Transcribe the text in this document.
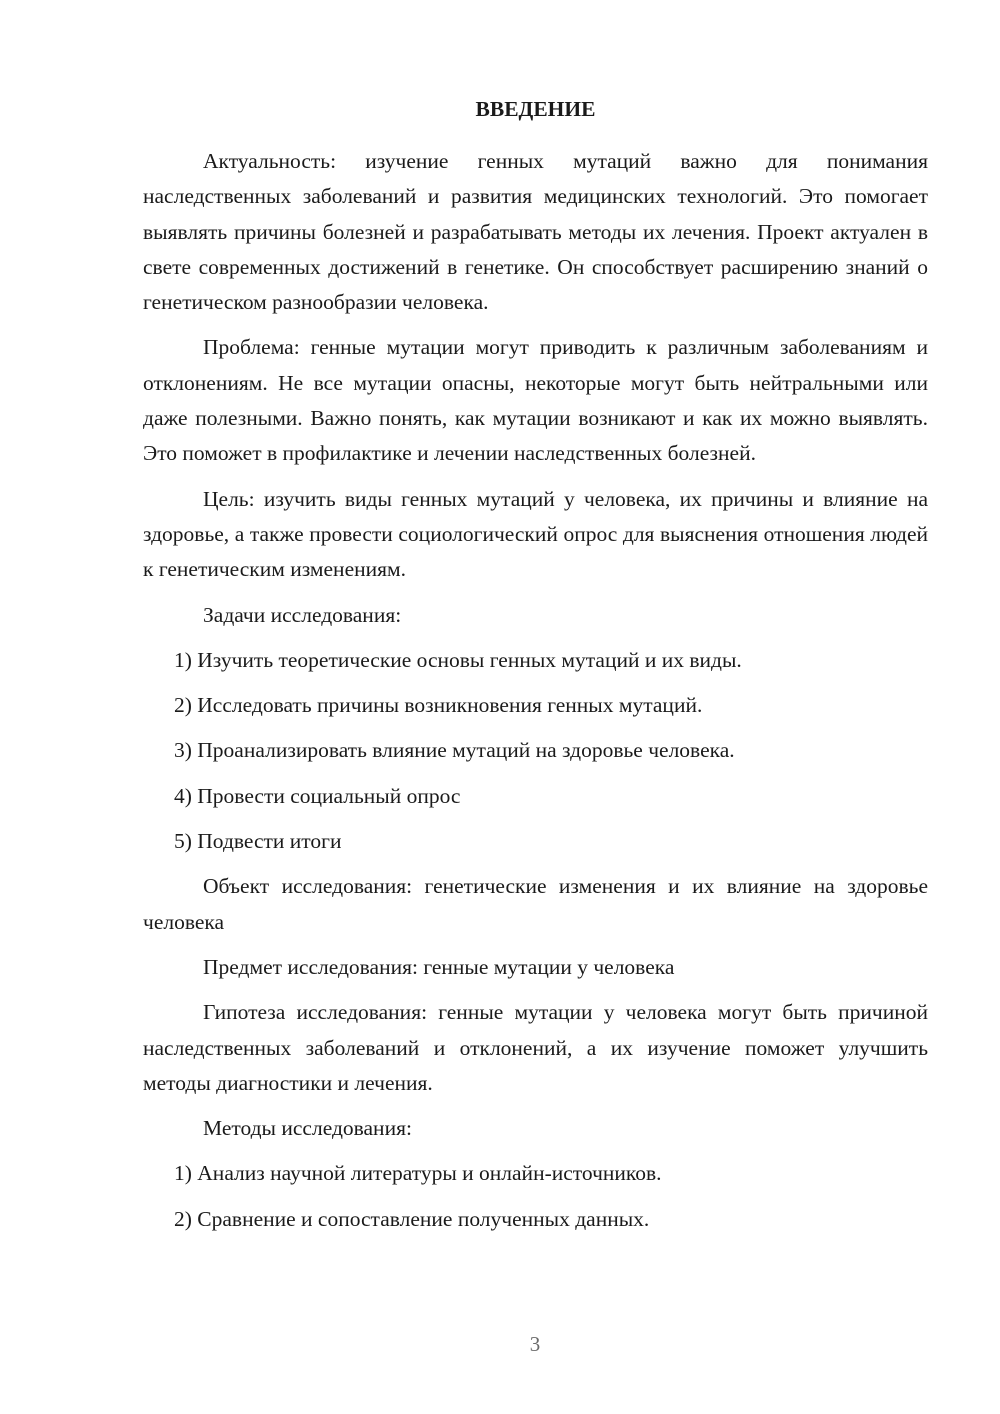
ВВЕДЕНИЕ

Актуальность: изучение генных мутаций важно для понимания наследственных заболеваний и развития медицинских технологий. Это помогает выявлять причины болезней и разрабатывать методы их лечения. Проект актуален в свете современных достижений в генетике. Он способствует расширению знаний о генетическом разнообразии человека.

Проблема: генные мутации могут приводить к различным заболеваниям и отклонениям. Не все мутации опасны, некоторые могут быть нейтральными или даже полезными. Важно понять, как мутации возникают и как их можно выявлять. Это поможет в профилактике и лечении наследственных болезней.

Цель: изучить виды генных мутаций у человека, их причины и влияние на здоровье, а также провести социологический опрос для выяснения отношения людей к генетическим изменениям.

Задачи исследования:
1) Изучить теоретические основы генных мутаций и их виды.
2) Исследовать причины возникновения генных мутаций.
3) Проанализировать влияние мутаций на здоровье человека.
4) Провести социальный опрос
5) Подвести итоги

Объект исследования: генетические изменения и их влияние на здоровье человека

Предмет исследования: генные мутации у человека

Гипотеза исследования: генные мутации у человека могут быть причиной наследственных заболеваний и отклонений, а их изучение поможет улучшить методы диагностики и лечения.

Методы исследования:
1) Анализ научной литературы и онлайн-источников.
2) Сравнение и сопоставление полученных данных.
3
